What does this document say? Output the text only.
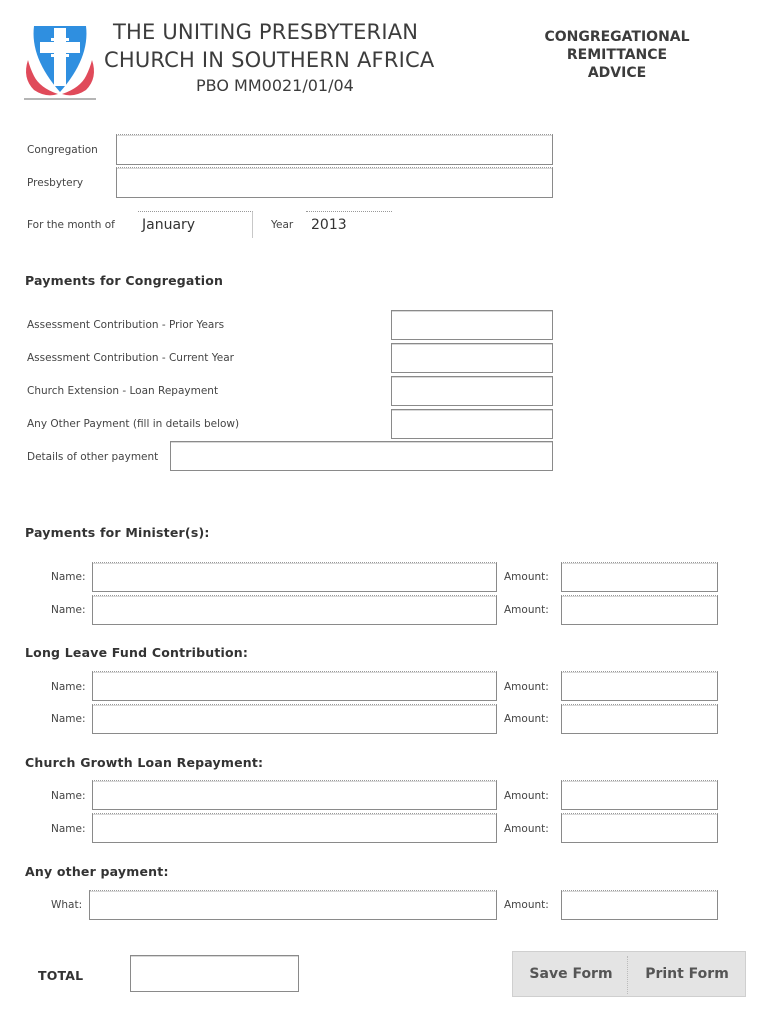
THE UNITING PRESBYTERIAN
CHURCH IN SOUTHERN AFRICA
PBO MM0021/01/04
CONGREGATIONAL
REMITTANCE
ADVICE
Congregation
Presbytery
For the month of January	Year 2013
Payments for Congregation
Assessment Contribution - Prior Years
Assessment Contribution - Current Year
Church Extension - Loan Repayment
Any Other Payment (fill in details below)
Details of other payment
Payments for Minister(s):
Name:	Amount:
Name:	Amount:
Long Leave Fund Contribution:
Name:	Amount:
Name:	Amount:
Church Growth Loan Repayment:
Name:	Amount:
Name:	Amount:
Any other payment:
What:	Amount:
TOTAL	Save Form	Print Form
